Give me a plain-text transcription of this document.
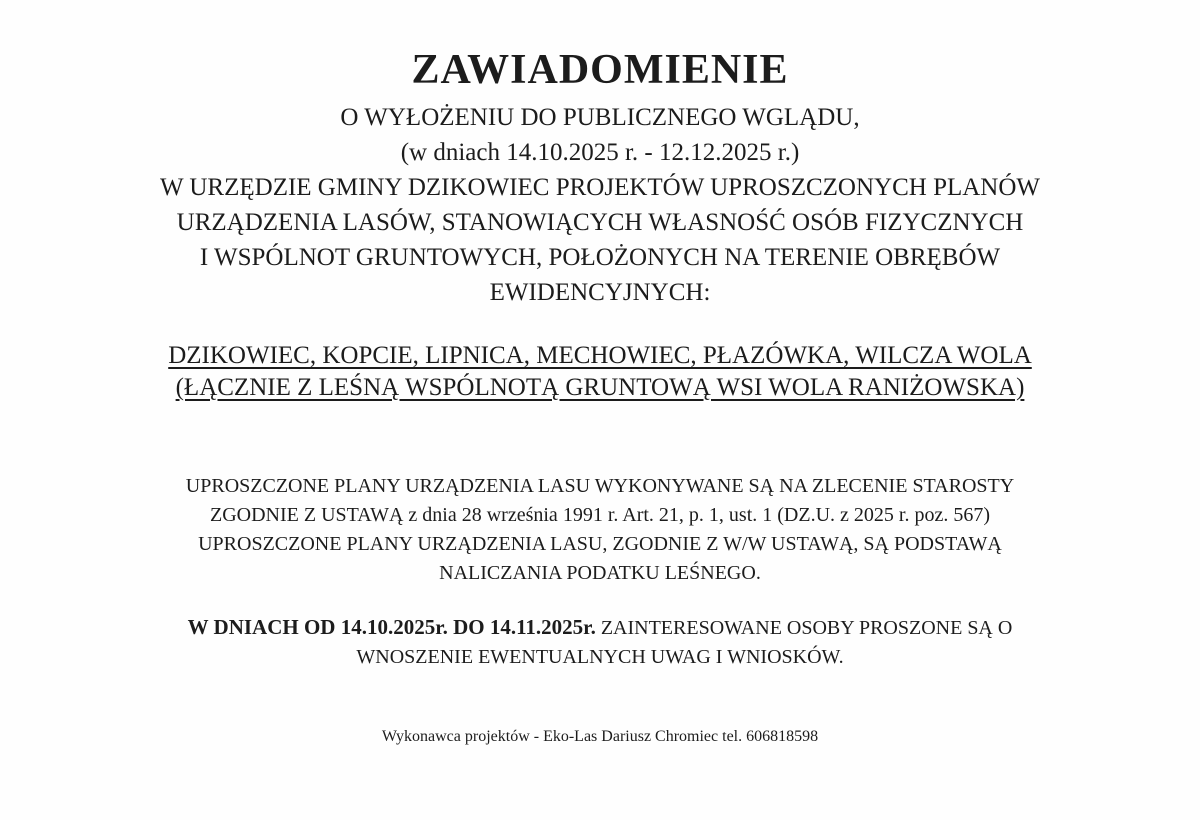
ZAWIADOMIENIE
O WYŁOŻENIU DO PUBLICZNEGO WGLĄDU,
(w dniach 14.10.2025 r. - 12.12.2025 r.)
W URZĘDZIE GMINY DZIKOWIEC PROJEKTÓW UPROSZCZONYCH PLANÓW
URZĄDZENIA LASÓW, STANOWIĄCYCH WŁASNOŚĆ OSÓB FIZYCZNYCH
I WSPÓLNOT GRUNTOWYCH, POŁOŻONYCH NA TERENIE OBRĘBÓW
EWIDENCYJNYCH:
DZIKOWIEC, KOPCIE, LIPNICA, MECHOWIEC, PŁAZÓWKA, WILCZA WOLA
(ŁĄCZNIE Z LEŚNĄ WSPÓLNOTĄ GRUNTOWĄ WSI WOLA RANIŻOWSKA)
UPROSZCZONE PLANY URZĄDZENIA LASU WYKONYWANE SĄ NA ZLECENIE STAROSTY
ZGODNIE Z USTAWĄ z dnia 28 września 1991 r. Art. 21, p. 1, ust. 1 (DZ.U. z 2025 r. poz. 567)
UPROSZCZONE PLANY URZĄDZENIA LASU, ZGODNIE Z W/W USTAWĄ, SĄ PODSTAWĄ
NALICZANIA PODATKU LEŚNEGO.
W DNIACH OD 14.10.2025r. DO 14.11.2025r. ZAINTERESOWANE OSOBY PROSZONE SĄ O
WNOSZENIE EWENTUALNYCH UWAG I WNIOSKÓW.
Wykonawca projektów - Eko-Las Dariusz Chromiec tel. 606818598
